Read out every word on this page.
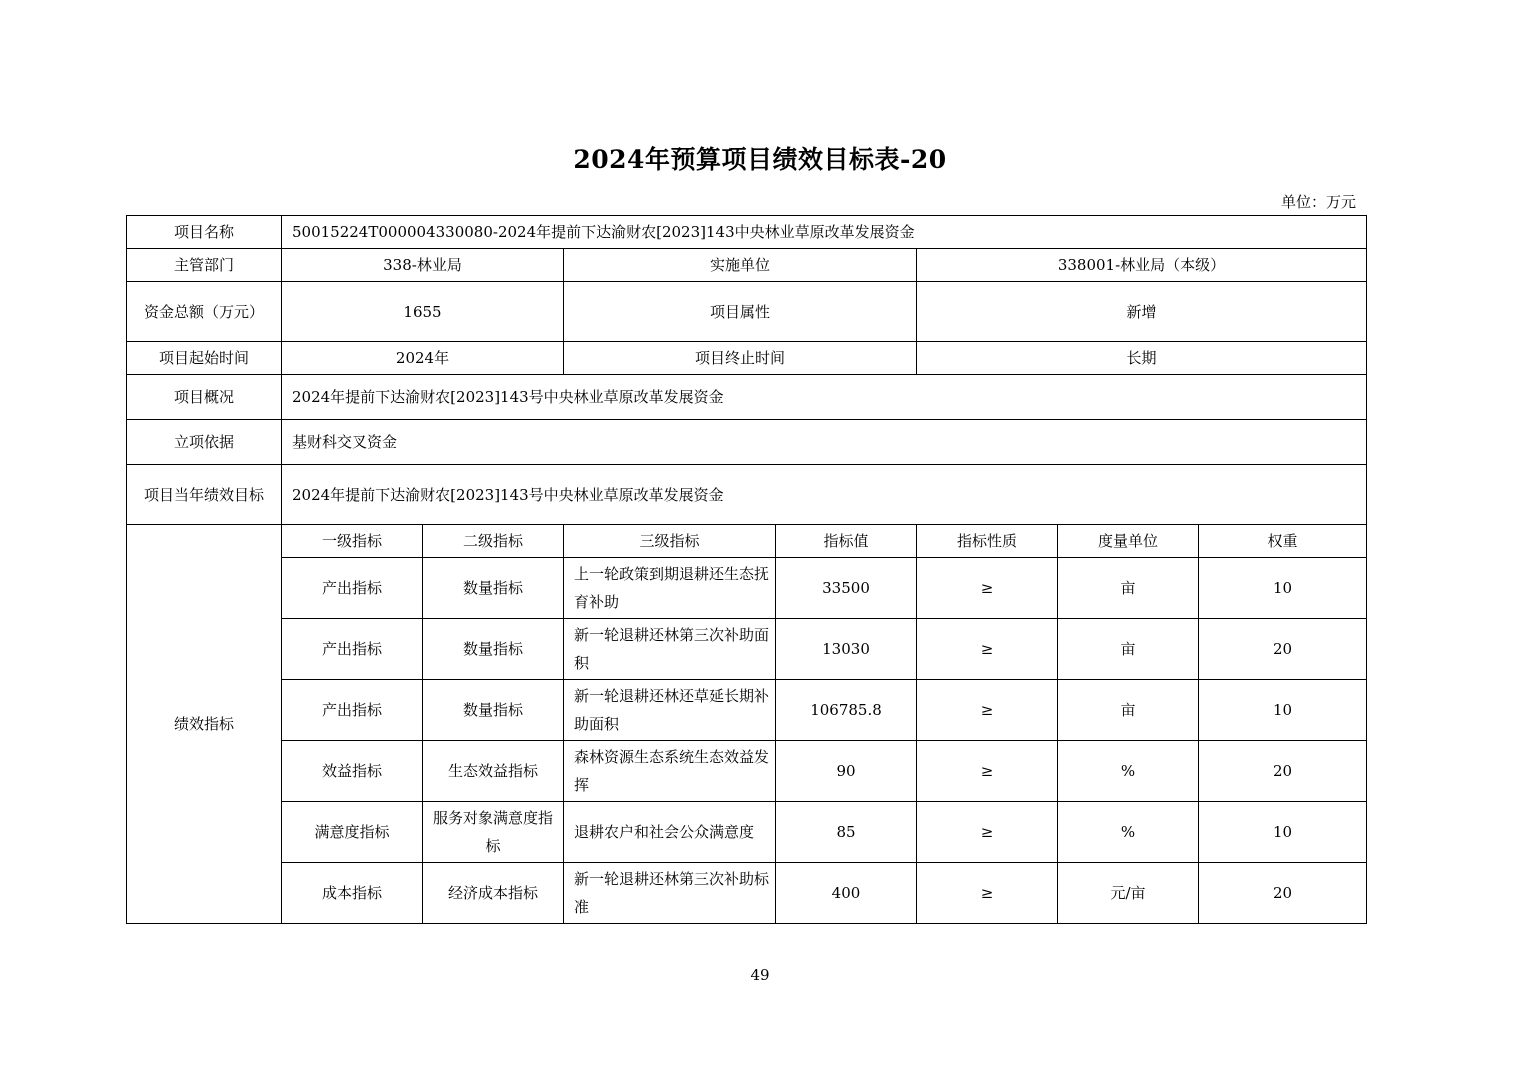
2024年预算项目绩效目标表-20
单位：万元
项目名称	50015224T000004330080-2024年提前下达渝财农[2023]143中央林业草原改革发展资金						
主管部门	338-林业局		实施单位		338001-林业局（本级）		
资金总额（万元）	1655		项目属性		新增		
项目起始时间	2024年		项目终止时间		长期		
项目概况	2024年提前下达渝财农[2023]143号中央林业草原改革发展资金						
立项依据	基财科交叉资金						
项目当年绩效目标	2024年提前下达渝财农[2023]143号中央林业草原改革发展资金						
绩效指标	一级指标	二级指标	三级指标	指标值	指标性质	度量单位	权重
	产出指标	数量指标	上一轮政策到期退耕还生态抚育补助	33500	≥	亩	10
	产出指标	数量指标	新一轮退耕还林第三次补助面积	13030	≥	亩	20
	产出指标	数量指标	新一轮退耕还林还草延长期补助面积	106785.8	≥	亩	10
	效益指标	生态效益指标	森林资源生态系统生态效益发挥	90	≥	%	20
	满意度指标	服务对象满意度指标	退耕农户和社会公众满意度	85	≥	%	10
	成本指标	经济成本指标	新一轮退耕还林第三次补助标准	400	≥	元/亩	20
49
